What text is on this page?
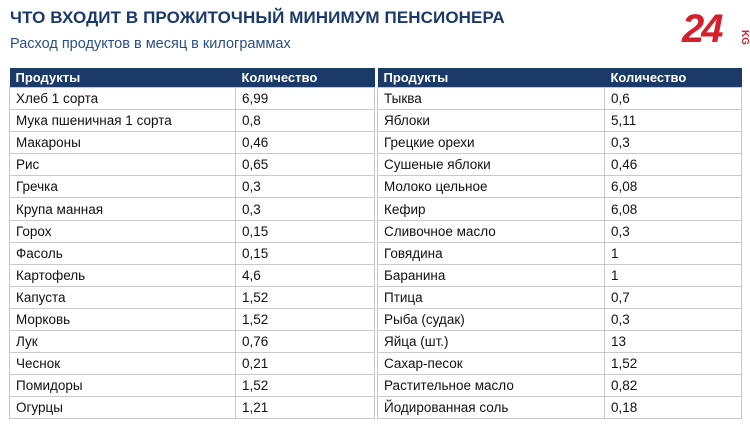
ЧТО ВХОДИТ В ПРОЖИТОЧНЫЙ МИНИМУМ ПЕНСИОНЕРА
Расход продуктов в месяц в килограммах	24 KG
Продукты	Количество
Хлеб 1 сорта	6,99
Мука пшеничная 1 сорта	0,8
Макароны	0,46
Рис	0,65
Гречка	0,3
Крупа манная	0,3
Горох	0,15
Фасоль	0,15
Картофель	4,6
Капуста	1,52
Морковь	1,52
Лук	0,76
Чеснок	0,21
Помидоры	1,52
Огурцы	1,21
Продукты	Количество
Тыква	0,6
Яблоки	5,11
Грецкие орехи	0,3
Сушеные яблоки	0,46
Молоко цельное	6,08
Кефир	6,08
Сливочное масло	0,3
Говядина	1
Баранина	1
Птица	0,7
Рыба (судак)	0,3
Яйца (шт.)	13
Сахар-песок	1,52
Растительное масло	0,82
Йодированная соль	0,18
